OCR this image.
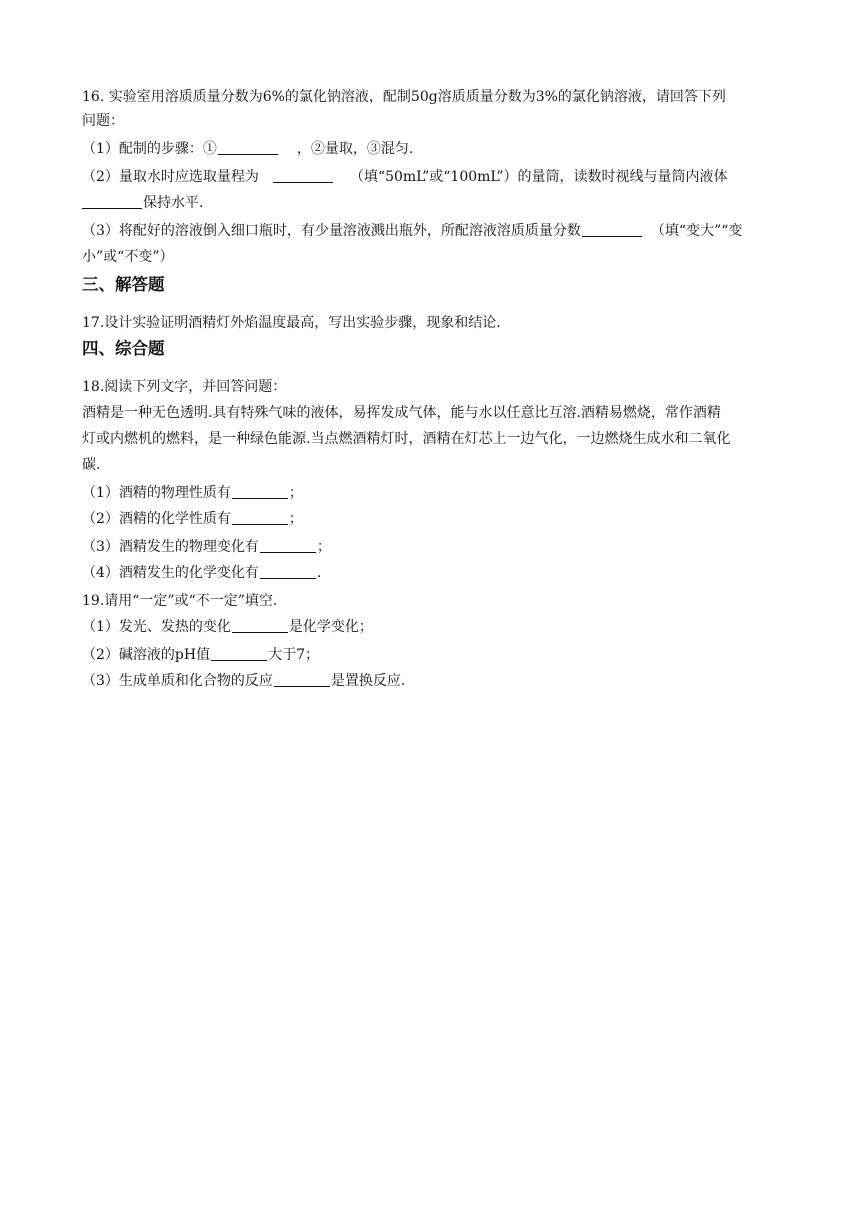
16. 实验室用溶质质量分数为6%的氯化钠溶液，配制50g溶质质量分数为3%的氯化钠溶液，请回答下列
问题：
（1）配制的步骤：①	，②量取，③混匀.
（2）量取水时应选取量程为	（填“50mL”或“100mL”）的量筒，读数时视线与量筒内液体
保持水平.
（3）将配好的溶液倒入细口瓶时，有少量溶液溅出瓶外，所配溶液溶质质量分数	（填“变大”“变
小”或“不变”）
三、解答题
17.设计实验证明酒精灯外焰温度最高，写出实验步骤，现象和结论.
四、综合题
18.阅读下列文字，并回答问题：
酒精是一种无色透明.具有特殊气味的液体，易挥发成气体，能与水以任意比互溶.酒精易燃烧，常作酒精
灯或内燃机的燃料，是一种绿色能源.当点燃酒精灯时，酒精在灯芯上一边气化，一边燃烧生成水和二氧化
碳.
（1）酒精的物理性质有	；
（2）酒精的化学性质有	；
（3）酒精发生的物理变化有	；
（4）酒精发生的化学变化有	.
19.请用“一定”或“不一定”填空.
（1）发光、发热的变化	是化学变化；
（2）碱溶液的pH值	大于7；
（3）生成单质和化合物的反应	是置换反应.
